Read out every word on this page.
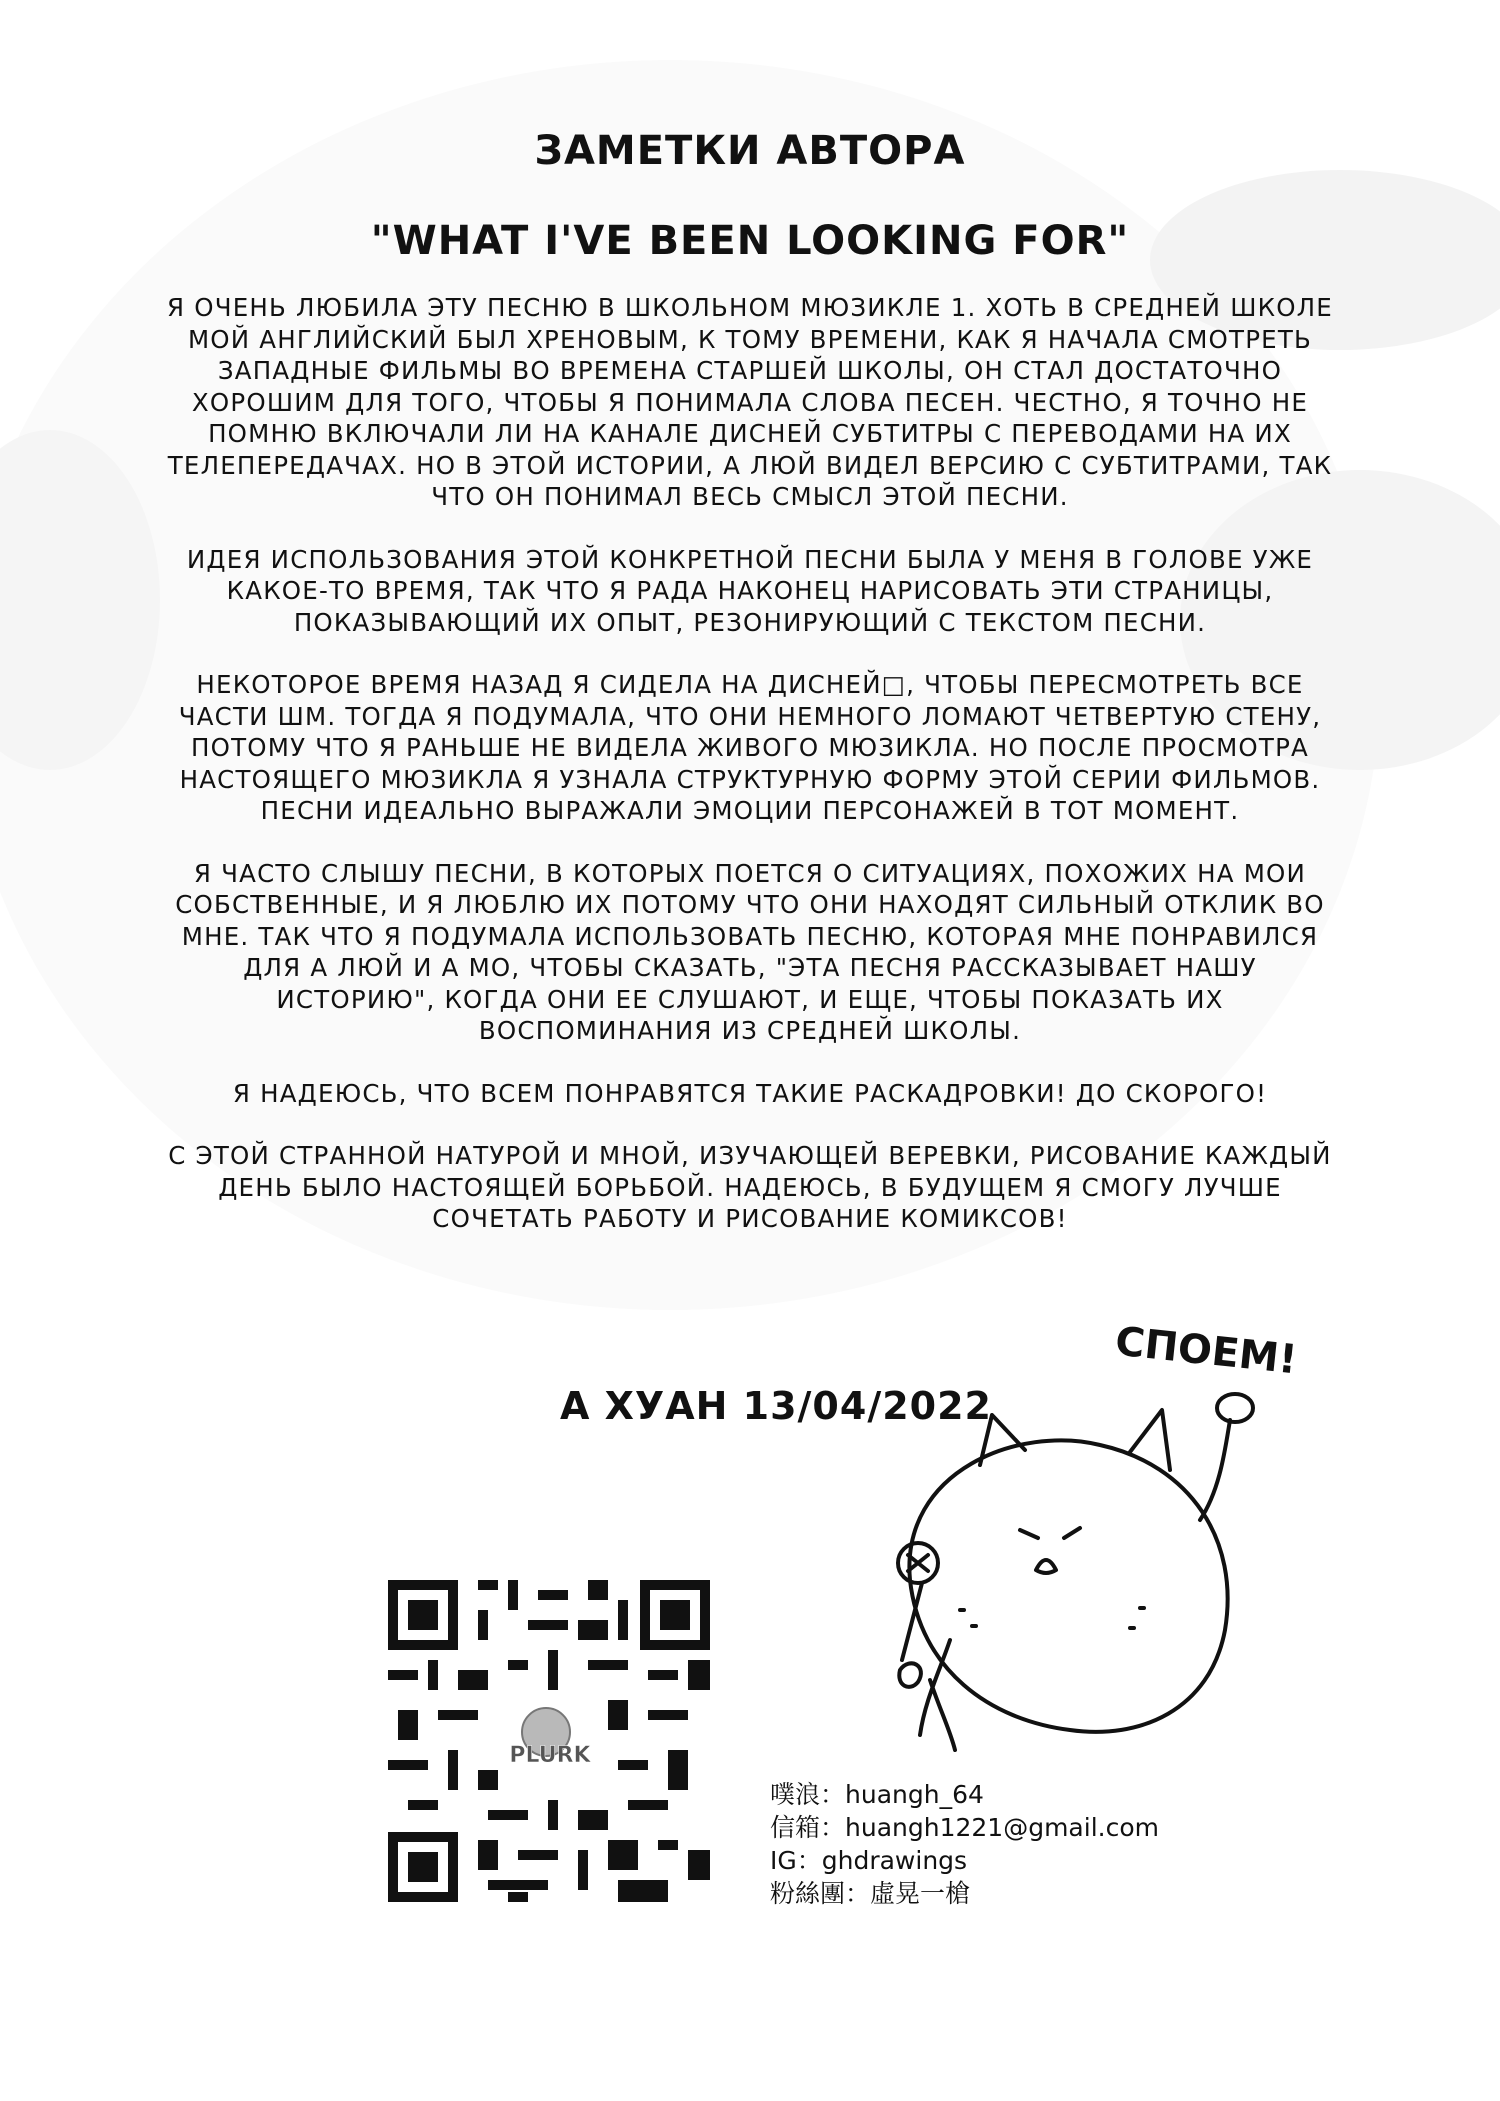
ЗАМЕТКИ АВТОРА
"WHAT I'VE BEEN LOOKING FOR"

Я ОЧЕНЬ ЛЮБИЛА ЭТУ ПЕСНЮ В ШКОЛЬНОМ МЮЗИКЛЕ 1. ХОТЬ В СРЕДНЕЙ ШКОЛЕ МОЙ АНГЛИЙСКИЙ БЫЛ ХРЕНОВЫМ, К ТОМУ ВРЕМЕНИ, КАК Я НАЧАЛА СМОТРЕТЬ ЗАПАДНЫЕ ФИЛЬМЫ ВО ВРЕМЕНА СТАРШЕЙ ШКОЛЫ, ОН СТАЛ ДОСТАТОЧНО ХОРОШИМ ДЛЯ ТОГО, ЧТОБЫ Я ПОНИМАЛА СЛОВА ПЕСЕН. ЧЕСТНО, Я ТОЧНО НЕ ПОМНЮ ВКЛЮЧАЛИ ЛИ НА КАНАЛЕ ДИСНЕЙ СУБТИТРЫ С ПЕРЕВОДАМИ НА ИХ ТЕЛЕПЕРЕДАЧАХ. НО В ЭТОЙ ИСТОРИИ, А ЛЮЙ ВИДЕЛ ВЕРСИЮ С СУБТИТРАМИ, ТАК ЧТО ОН ПОНИМАЛ ВЕСЬ СМЫСЛ ЭТОЙ ПЕСНИ.

ИДЕЯ ИСПОЛЬЗОВАНИЯ ЭТОЙ КОНКРЕТНОЙ ПЕСНИ БЫЛА У МЕНЯ В ГОЛОВЕ УЖЕ КАКОЕ-ТО ВРЕМЯ, ТАК ЧТО Я РАДА НАКОНЕЦ НАРИСОВАТЬ ЭТИ СТРАНИЦЫ, ПОКАЗЫВАЮЩИЙ ИХ ОПЫТ, РЕЗОНИРУЮЩИЙ С ТЕКСТОМ ПЕСНИ.

НЕКОТОРОЕ ВРЕМЯ НАЗАД Я СИДЕЛА НА ДИСНЕЙ□, ЧТОБЫ ПЕРЕСМОТРЕТЬ ВСЕ ЧАСТИ ШМ. ТОГДА Я ПОДУМАЛА, ЧТО ОНИ НЕМНОГО ЛОМАЮТ ЧЕТВЕРТУЮ СТЕНУ, ПОТОМУ ЧТО Я РАНЬШЕ НЕ ВИДЕЛА ЖИВОГО МЮЗИКЛА. НО ПОСЛЕ ПРОСМОТРА НАСТОЯЩЕГО МЮЗИКЛА Я УЗНАЛА СТРУКТУРНУЮ ФОРМУ ЭТОЙ СЕРИИ ФИЛЬМОВ. ПЕСНИ ИДЕАЛЬНО ВЫРАЖАЛИ ЭМОЦИИ ПЕРСОНАЖЕЙ В ТОТ МОМЕНТ.

Я ЧАСТО СЛЫШУ ПЕСНИ, В КОТОРЫХ ПОЕТСЯ О СИТУАЦИЯХ, ПОХОЖИХ НА МОИ СОБСТВЕННЫЕ, И Я ЛЮБЛЮ ИХ ПОТОМУ ЧТО ОНИ НАХОДЯТ СИЛЬНЫЙ ОТКЛИК ВО МНЕ. ТАК ЧТО Я ПОДУМАЛА ИСПОЛЬЗОВАТЬ ПЕСНЮ, КОТОРАЯ МНЕ ПОНРАВИЛСЯ ДЛЯ А ЛЮЙ И А МО, ЧТОБЫ СКАЗАТЬ, "ЭТА ПЕСНЯ РАССКАЗЫВАЕТ НАШУ ИСТОРИЮ", КОГДА ОНИ ЕЕ СЛУШАЮТ, И ЕЩЕ, ЧТОБЫ ПОКАЗАТЬ ИХ ВОСПОМИНАНИЯ ИЗ СРЕДНЕЙ ШКОЛЫ.

Я НАДЕЮСЬ, ЧТО ВСЕМ ПОНРАВЯТСЯ ТАКИЕ РАСКАДРОВКИ! ДО СКОРОГО!

С ЭТОЙ СТРАННОЙ НАТУРОЙ И МНОЙ, ИЗУЧАЮЩЕЙ ВЕРЕВКИ, РИСОВАНИЕ КАЖДЫЙ ДЕНЬ БЫЛО НАСТОЯЩЕЙ БОРЬБОЙ. НАДЕЮСЬ, В БУДУЩЕМ Я СМОГУ ЛУЧШЕ СОЧЕТАТЬ РАБОТУ И РИСОВАНИЕ КОМИКСОВ!

А ХУАН 13/04/2022
СПОЕМ!
PLURK
噗浪：huangh_64
信箱：huangh1221@gmail.com
IG：ghdrawings
粉絲團：虛晃一槍
